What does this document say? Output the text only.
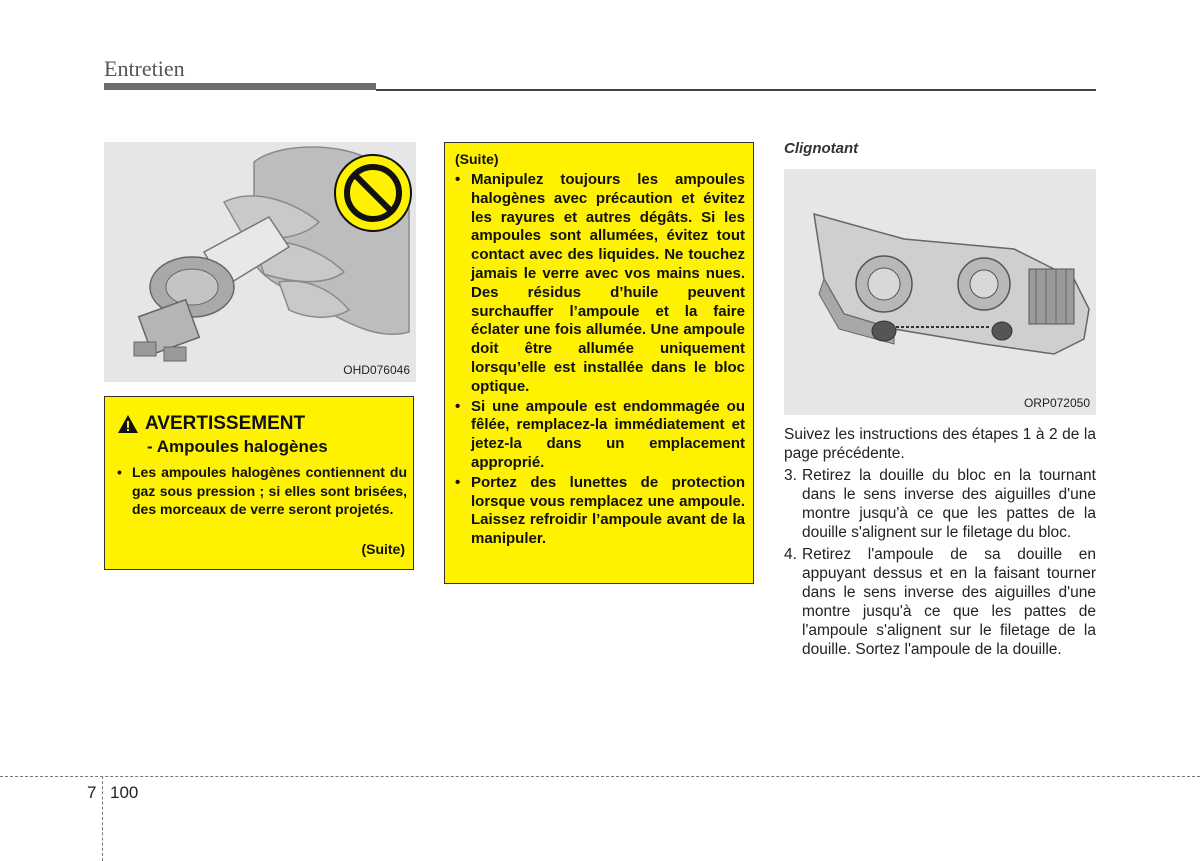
Entretien
OHD076046
AVERTISSEMENT
- Ampoules halogènes
• Les ampoules halogènes contiennent du gaz sous pression ; si elles sont brisées, des morceaux de verre seront projetés.
(Suite)
(Suite)
• Manipulez toujours les ampoules halogènes avec précaution et évitez les rayures et autres dégâts. Si les ampoules sont allumées, évitez tout contact avec des liquides. Ne touchez jamais le verre avec vos mains nues. Des résidus d’huile peuvent surchauffer l’ampoule et la faire éclater une fois allumée. Une ampoule doit être allumée uniquement lorsqu’elle est installée dans le bloc optique.
• Si une ampoule est endommagée ou fêlée, remplacez-la immédiatement et jetez-la dans un emplacement approprié.
• Portez des lunettes de protection lorsque vous remplacez une ampoule. Laissez refroidir l’ampoule avant de la manipuler.
Clignotant
ORP072050
Suivez les instructions des étapes 1 à 2 de la page précédente.
3. Retirez la douille du bloc en la tournant dans le sens inverse des aiguilles d'une montre jusqu'à ce que les pattes de la douille s'alignent sur le filetage du bloc.
4. Retirez l'ampoule de sa douille en appuyant dessus et en la faisant tourner dans le sens inverse des aiguilles d'une montre jusqu'à ce que les pattes de l'ampoule s'alignent sur le filetage de la douille. Sortez l'ampoule de la douille.
7 100
